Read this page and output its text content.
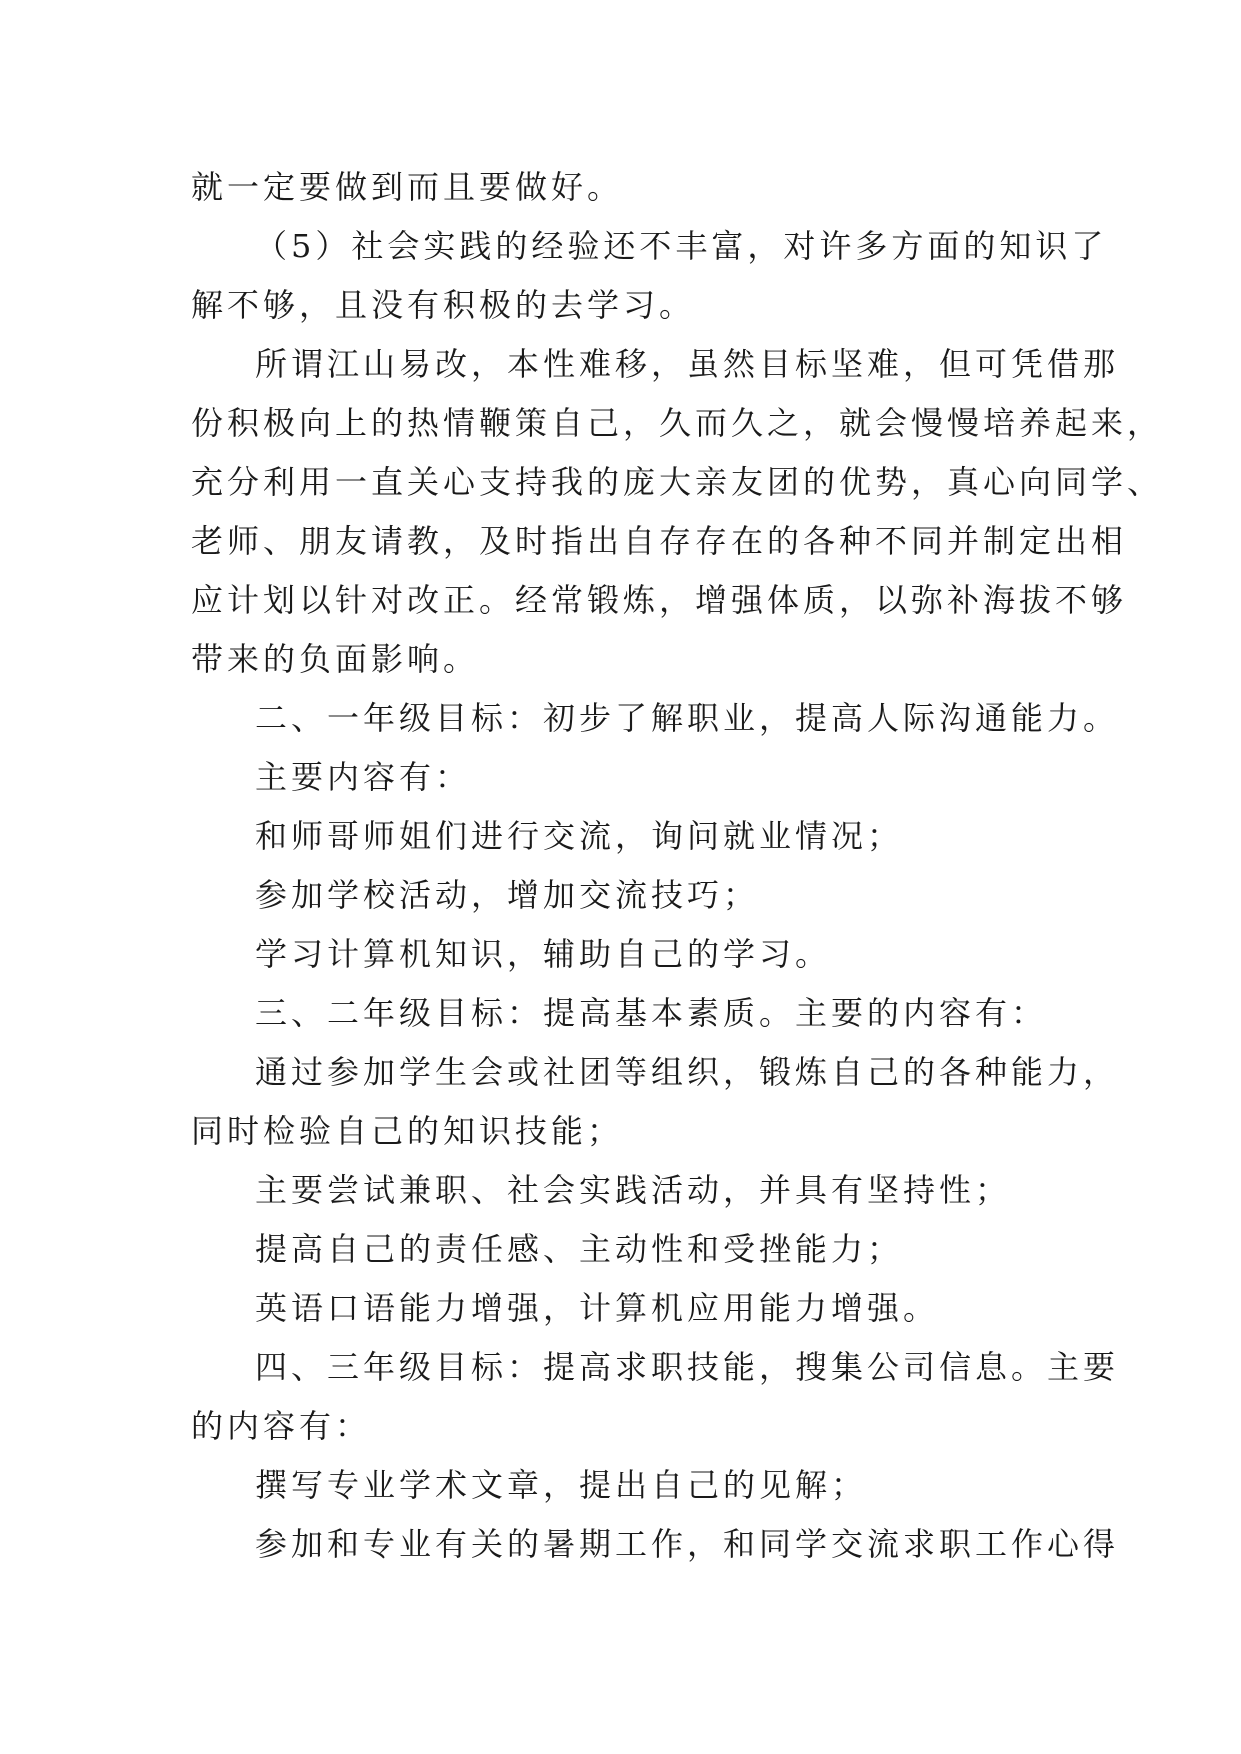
就一定要做到而且要做好。
（5）社会实践的经验还不丰富，对许多方面的知识了
解不够，且没有积极的去学习。
所谓江山易改，本性难移，虽然目标坚难，但可凭借那
份积极向上的热情鞭策自己，久而久之，就会慢慢培养起来，
充分利用一直关心支持我的庞大亲友团的优势，真心向同学、
老师、朋友请教，及时指出自存存在的各种不同并制定出相
应计划以针对改正。经常锻炼，增强体质，以弥补海拔不够
带来的负面影响。
二、一年级目标：初步了解职业，提高人际沟通能力。
主要内容有：
和师哥师姐们进行交流，询问就业情况；
参加学校活动，增加交流技巧；
学习计算机知识，辅助自己的学习。
三、二年级目标：提高基本素质。主要的内容有：
通过参加学生会或社团等组织，锻炼自己的各种能力，
同时检验自己的知识技能；
主要尝试兼职、社会实践活动，并具有坚持性；
提高自己的责任感、主动性和受挫能力；
英语口语能力增强，计算机应用能力增强。
四、三年级目标：提高求职技能，搜集公司信息。主要
的内容有：
撰写专业学术文章，提出自己的见解；
参加和专业有关的暑期工作，和同学交流求职工作心得
